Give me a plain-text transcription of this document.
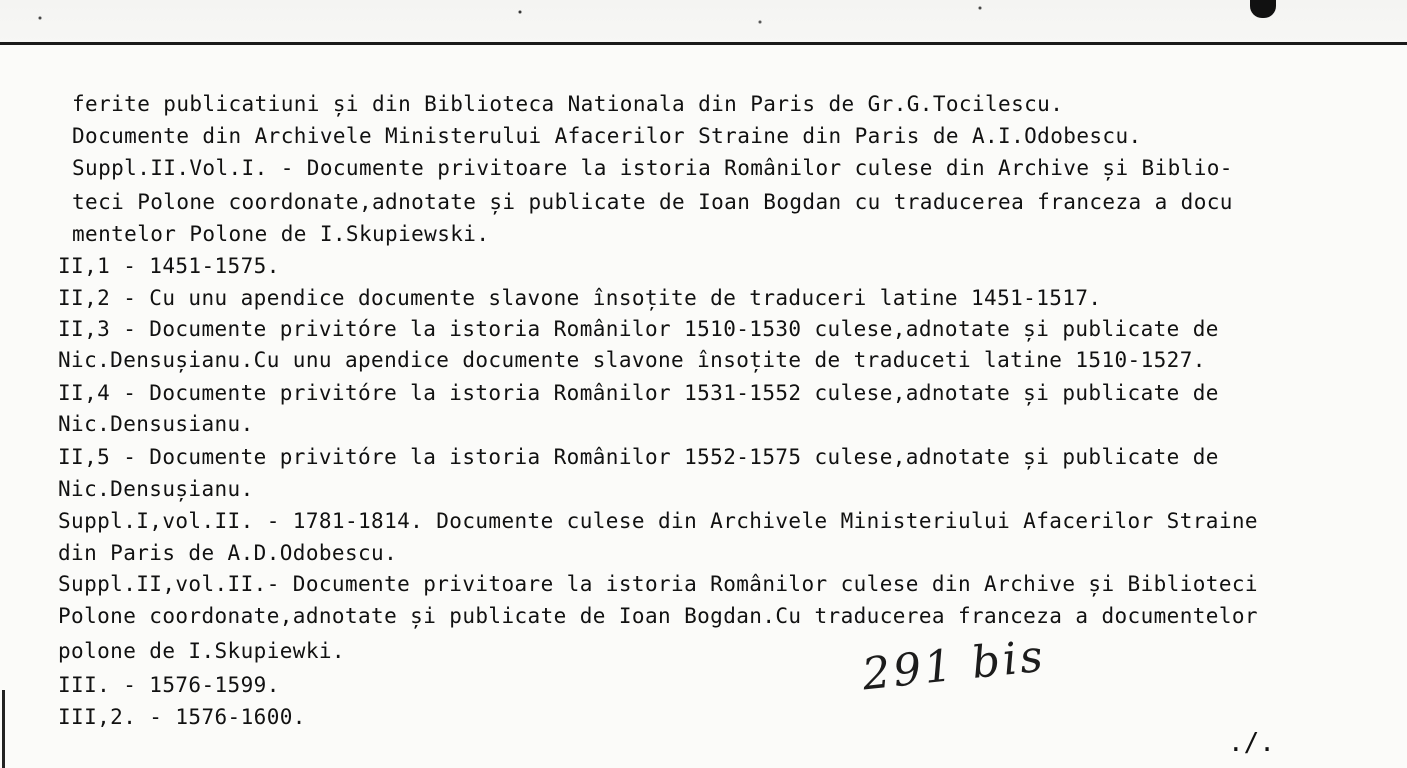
ferite publicatiuni și din Biblioteca Nationala din Paris de Gr.G.Tocilescu.
Documente din Archivele Ministerului Afacerilor Straine din Paris de A.I.Odobescu.
Suppl.II.Vol.I. - Documente privitoare la istoria Românilor culese din Archive și Biblio-
teci Polone coordonate,adnotate și publicate de Ioan Bogdan cu traducerea franceza a docu
mentelor Polone de I.Skupiewski.
II,1 - 1451-1575.
II,2 - Cu unu apendice documente slavone însoțite de traduceri latine 1451-1517.
II,3 - Documente privitóre la istoria Românilor 1510-1530 culese,adnotate și publicate de
Nic.Densușianu.Cu unu apendice documente slavone însoțite de traduceti latine 1510-1527.
II,4 - Documente privitóre la istoria Românilor 1531-1552 culese,adnotate și publicate de
Nic.Densusianu.
II,5 - Documente privitóre la istoria Românilor 1552-1575 culese,adnotate și publicate de
Nic.Densușianu.
Suppl.I,vol.II. - 1781-1814. Documente culese din Archivele Ministeriului Afacerilor Straine
din Paris de A.D.Odobescu.
Suppl.II,vol.II.- Documente privitoare la istoria Românilor culese din Archive și Biblioteci
Polone coordonate,adnotate și publicate de Ioan Bogdan.Cu traducerea franceza a documentelor
polone de I.Skupiewki.
III. - 1576-1599.
III,2. - 1576-1600.
291 bis
./.
